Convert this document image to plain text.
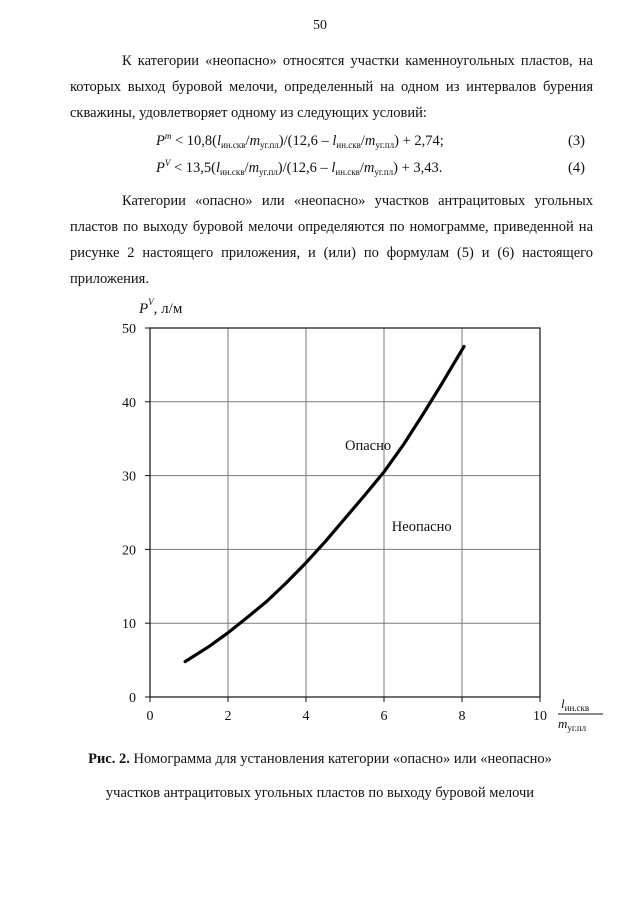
50
К категории «неопасно» относятся участки каменноугольных пластов, на которых выход буровой мелочи, определенный на одном из интервалов бурения скважины, удовлетворяет одному из следующих условий:
$P^m < 10,8(l_{ин.скв}/m_{уг.пл})/(12,6 - l_{ин.скв}/m_{уг.пл}) + 2,74$;	(3)
$P^V < 13,5(l_{ин.скв}/m_{уг.пл})/(12,6 - l_{ин.скв}/m_{уг.пл}) + 3,43$.	(4)
Категории «опасно» или «неопасно» участков антрацитовых угольных пластов по выходу буровой мелочи определяются по номограмме, приведенной на рисунке 2 настоящего приложения, и (или) по формулам (5) и (6) настоящего приложения.
0	2	4	6	8	10
0
10
20
30
40
50
Опасно
Неопасно
$P^V$, л/м
$l_{ин.скв}$
$m_{уг.пл}$
Рис. 2. Номограмма для установления категории «опасно» или «неопасно»
участков антрацитовых угольных пластов по выходу буровой мелочи
